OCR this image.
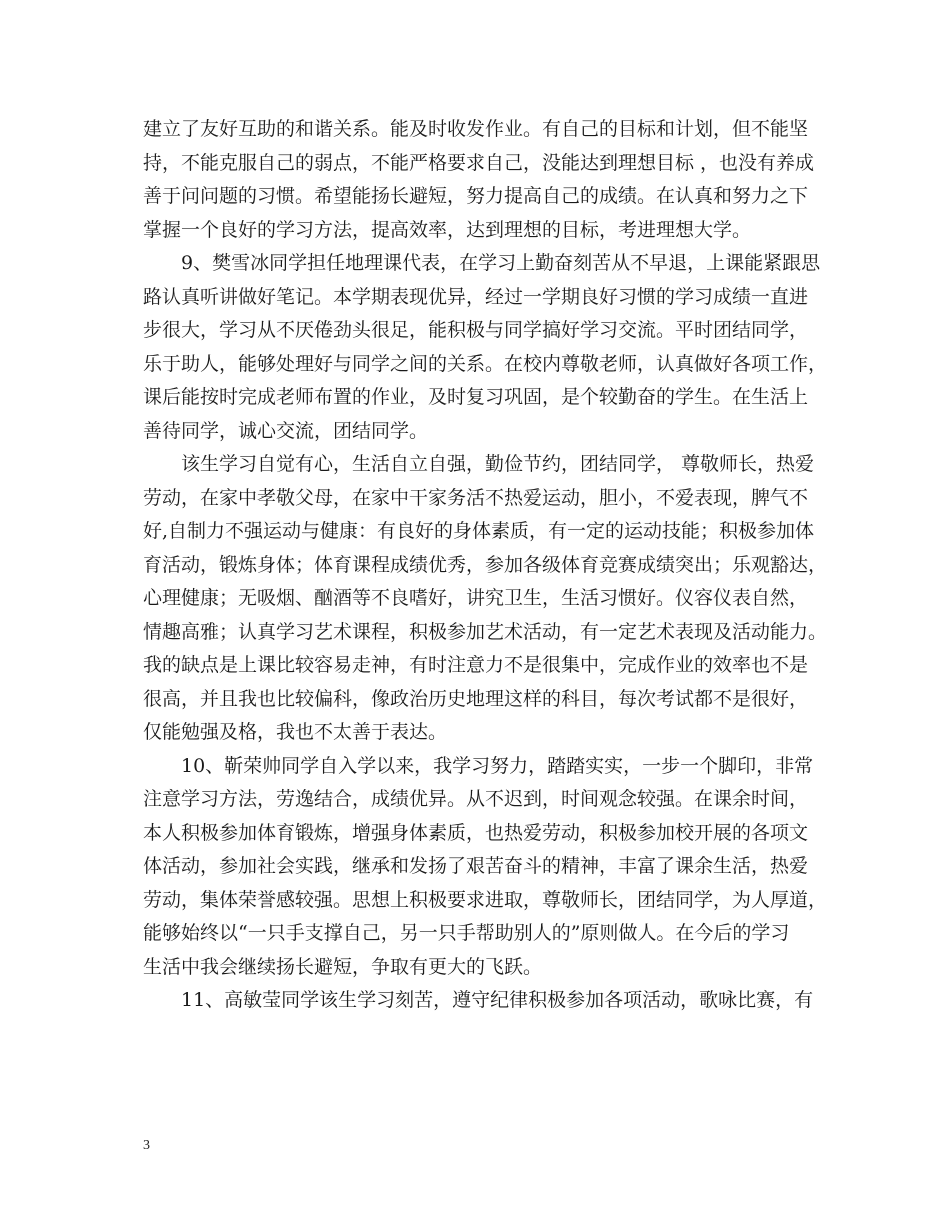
建立了友好互助的和谐关系。能及时收发作业。有自己的目标和计划，但不能坚
持，不能克服自己的弱点，不能严格要求自己，没能达到理想目标 ，也没有养成
善于问问题的习惯。希望能扬长避短，努力提高自己的成绩。在认真和努力之下
掌握一个良好的学习方法，提高效率，达到理想的目标，考进理想大学。
9、樊雪冰同学担任地理课代表，在学习上勤奋刻苦从不早退，上课能紧跟思
路认真听讲做好笔记。本学期表现优异，经过一学期良好习惯的学习成绩一直进
步很大，学习从不厌倦劲头很足，能积极与同学搞好学习交流。平时团结同学，
乐于助人，能够处理好与同学之间的关系。在校内尊敬老师，认真做好各项工作，
课后能按时完成老师布置的作业，及时复习巩固，是个较勤奋的学生。在生活上
善待同学，诚心交流，团结同学。
该生学习自觉有心，生活自立自强，勤俭节约，团结同学， 尊敬师长，热爱
劳动，在家中孝敬父母，在家中干家务活不热爱运动，胆小，不爱表现，脾气不
好,自制力不强运动与健康：有良好的身体素质，有一定的运动技能；积极参加体
育活动，锻炼身体；体育课程成绩优秀，参加各级体育竞赛成绩突出；乐观豁达，
心理健康；无吸烟、酗酒等不良嗜好，讲究卫生，生活习惯好。仪容仪表自然，
情趣高雅；认真学习艺术课程，积极参加艺术活动，有一定艺术表现及活动能力。
我的缺点是上课比较容易走神，有时注意力不是很集中，完成作业的效率也不是
很高，并且我也比较偏科，像政治历史地理这样的科目，每次考试都不是很好，
仅能勉强及格，我也不太善于表达。
10、靳荣帅同学自入学以来，我学习努力，踏踏实实，一步一个脚印，非常
注意学习方法，劳逸结合，成绩优异。从不迟到，时间观念较强。在课余时间，
本人积极参加体育锻炼，增强身体素质，也热爱劳动，积极参加校开展的各项文
体活动，参加社会实践，继承和发扬了艰苦奋斗的精神，丰富了课余生活，热爱
劳动，集体荣誉感较强。思想上积极要求进取，尊敬师长，团结同学，为人厚道，
能够始终以“一只手支撑自己，另一只手帮助别人的”原则做人。在今后的学习
生活中我会继续扬长避短，争取有更大的飞跃。
11、高敏莹同学该生学习刻苦，遵守纪律积极参加各项活动，歌咏比赛，有
3
